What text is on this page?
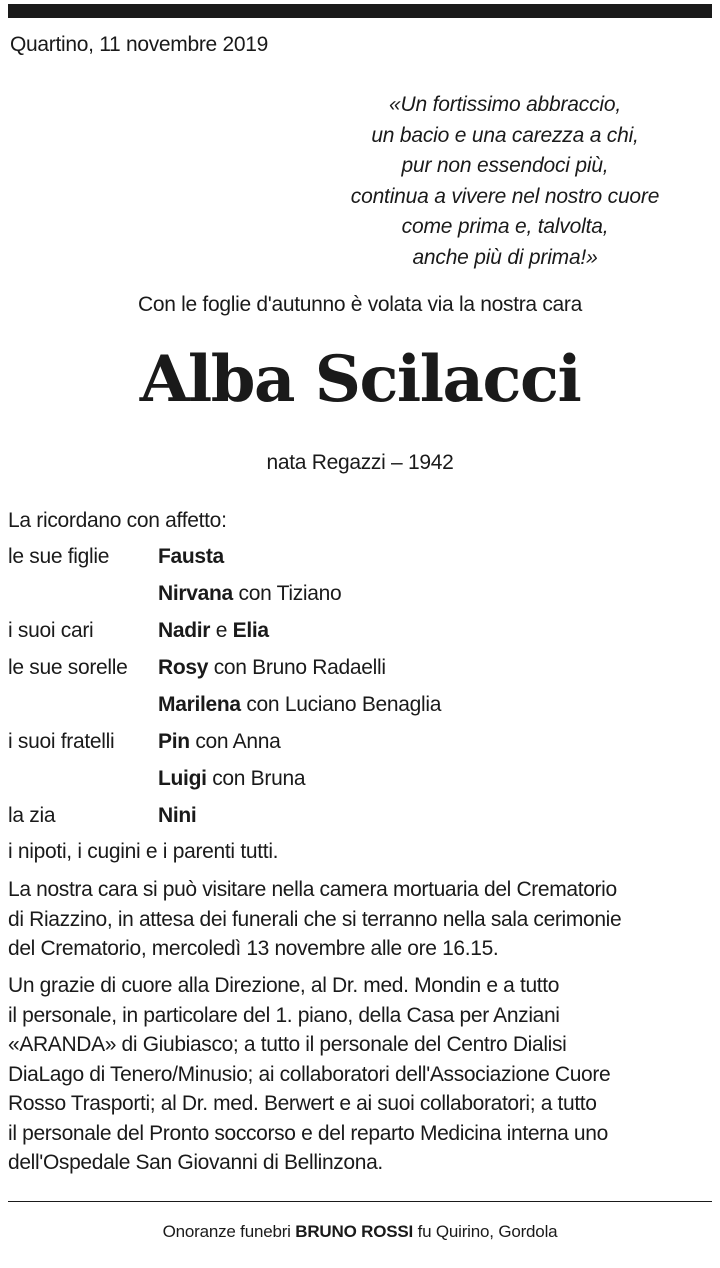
Quartino, 11 novembre 2019
«Un fortissimo abbraccio,
un bacio e una carezza a chi,
pur non essendoci più,
continua a vivere nel nostro cuore
come prima e, talvolta,
anche più di prima!»
Con le foglie d'autunno è volata via la nostra cara
Alba Scilacci
nata Regazzi – 1942
La ricordano con affetto:
le sue figlie Fausta
Nirvana con Tiziano
i suoi cari	Nadir e Elia
le sue sorelle Rosy con Bruno Radaelli
Marilena con Luciano Benaglia
i suoi fratelli Pin con Anna
Luigi con Bruna
la zia	Nini
i nipoti, i cugini e i parenti tutti.
La nostra cara si può visitare nella camera mortuaria del Crematorio
di Riazzino, in attesa dei funerali che si terranno nella sala cerimonie
del Crematorio, mercoledì 13 novembre alle ore 16.15.
Un grazie di cuore alla Direzione, al Dr. med. Mondin e a tutto
il personale, in particolare del 1. piano, della Casa per Anziani
«ARANDA» di Giubiasco; a tutto il personale del Centro Dialisi
DiaLago di Tenero/Minusio; ai collaboratori dell'Associazione Cuore
Rosso Trasporti; al Dr. med. Berwert e ai suoi collaboratori; a tutto
il personale del Pronto soccorso e del reparto Medicina interna uno
dell'Ospedale San Giovanni di Bellinzona.
Onoranze funebri BRUNO ROSSI fu Quirino, Gordola
